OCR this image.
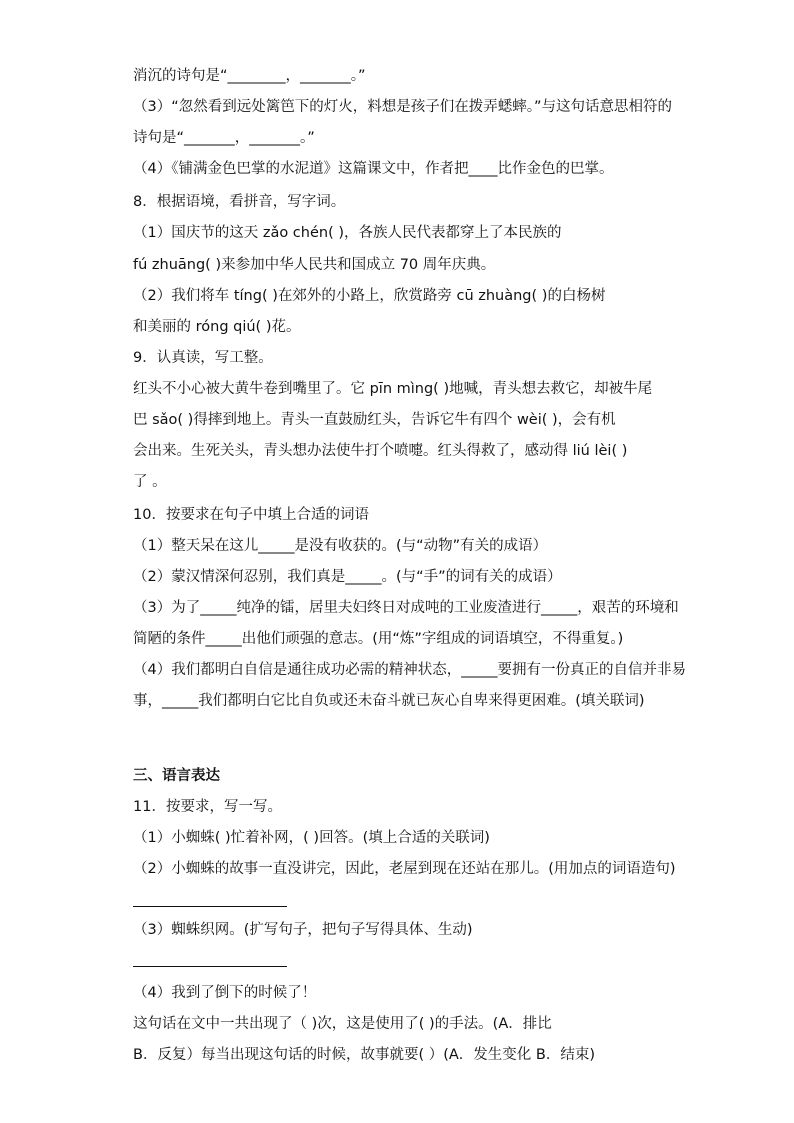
消沉的诗句是“________，_______。”
（3）“忽然看到远处篱笆下的灯火，料想是孩子们在拨弄蟋蟀。”与这句话意思相符的
诗句是“_______，_______。”
（4）《铺满金色巴掌的水泥道》这篇课文中，作者把____比作金色的巴掌。
8．根据语境，看拼音，写字词。
（1）国庆节的这天 zǎo chén( )，各族人民代表都穿上了本民族的
fú zhuāng( )来参加中华人民共和国成立 70 周年庆典。
（2）我们将车 tíng( )在郊外的小路上，欣赏路旁 cū zhuàng( )的白杨树
和美丽的 róng qiú( )花。
9．认真读，写工整。
红头不小心被大黄牛卷到嘴里了。它 pīn mìng( )地喊，青头想去救它，却被牛尾
巴 sǎo( )得摔到地上。青头一直鼓励红头，告诉它牛有四个 wèi( )，会有机
会出来。生死关头，青头想办法使牛打个喷嚏。红头得救了，感动得 liú lèi( )
了 。
10．按要求在句子中填上合适的词语
（1）整天呆在这儿_____是没有收获的。(与“动物”有关的成语）
（2）蒙汉情深何忍别，我们真是_____。(与“手”的词有关的成语）
（3）为了_____纯净的镭，居里夫妇终日对成吨的工业废渣进行_____，艰苦的环境和
简陋的条件_____出他们顽强的意志。(用“炼”字组成的词语填空，不得重复。)
（4）我们都明白自信是通往成功必需的精神状态，_____要拥有一份真正的自信并非易
事，_____我们都明白它比自负或还未奋斗就已灰心自卑来得更困难。(填关联词)
三、语言表达
11．按要求，写一写。
（1）小蜘蛛( )忙着补网，( )回答。(填上合适的关联词)
（2）小蜘蛛的故事一直没讲完，因此，老屋到现在还站在那儿。(用加点的词语造句)
（3）蜘蛛织网。(扩写句子，把句子写得具体、生动)
（4）我到了倒下的时候了！
这句话在文中一共出现了（ )次，这是使用了( )的手法。(A．排比
B．反复）每当出现这句话的时候，故事就要( ）(A．发生变化 B．结束)
